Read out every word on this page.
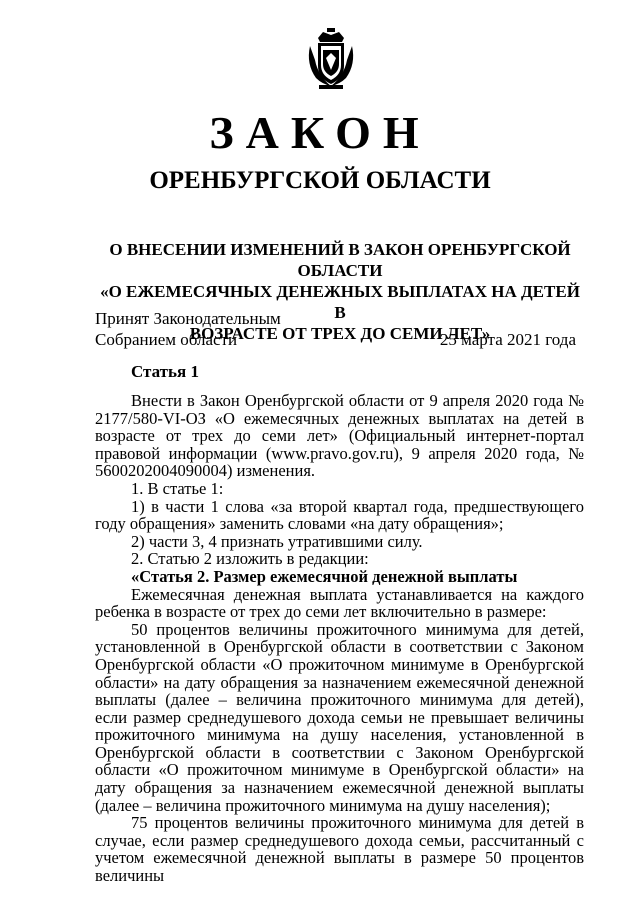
ЗАКОН
ОРЕНБУРГСКОЙ ОБЛАСТИ
О ВНЕСЕНИИ ИЗМЕНЕНИЙ В ЗАКОН ОРЕНБУРГСКОЙ ОБЛАСТИ
«О ЕЖЕМЕСЯЧНЫХ ДЕНЕЖНЫХ ВЫПЛАТАХ НА ДЕТЕЙ В
ВОЗРАСТЕ ОТ ТРЕХ ДО СЕМИ ЛЕТ»
Принят Законодательным
Собранием области	25 марта 2021 года
Статья 1

Внести в Закон Оренбургской области от 9 апреля 2020 года № 2177/580-VI-ОЗ «О ежемесячных денежных выплатах на детей в возрасте от трех до семи лет» (Официальный интернет-портал правовой информации (www.pravo.gov.ru), 9 апреля 2020 года, № 5600202004090004) изменения.

1. В статье 1:

1) в части 1 слова «за второй квартал года, предшествующего году обращения» заменить словами «на дату обращения»;

2) части 3, 4 признать утратившими силу.

2. Статью 2 изложить в редакции:

«Статья 2. Размер ежемесячной денежной выплаты

Ежемесячная денежная выплата устанавливается на каждого ребенка в возрасте от трех до семи лет включительно в размере:

50 процентов величины прожиточного минимума для детей, установленной в Оренбургской области в соответствии с Законом Оренбургской области «О прожиточном минимуме в Оренбургской области» на дату обращения за назначением ежемесячной денежной выплаты (далее – величина прожиточного минимума для детей), если размер среднедушевого дохода семьи не превышает величины прожиточного минимума на душу населения, установленной в Оренбургской области в соответствии с Законом Оренбургской области «О прожиточном минимуме в Оренбургской области» на дату обращения за назначением ежемесячной денежной выплаты (далее – величина прожиточного минимума на душу населения);

75 процентов величины прожиточного минимума для детей в случае, если размер среднедушевого дохода семьи, рассчитанный с учетом ежемесячной денежной выплаты в размере 50 процентов величины
